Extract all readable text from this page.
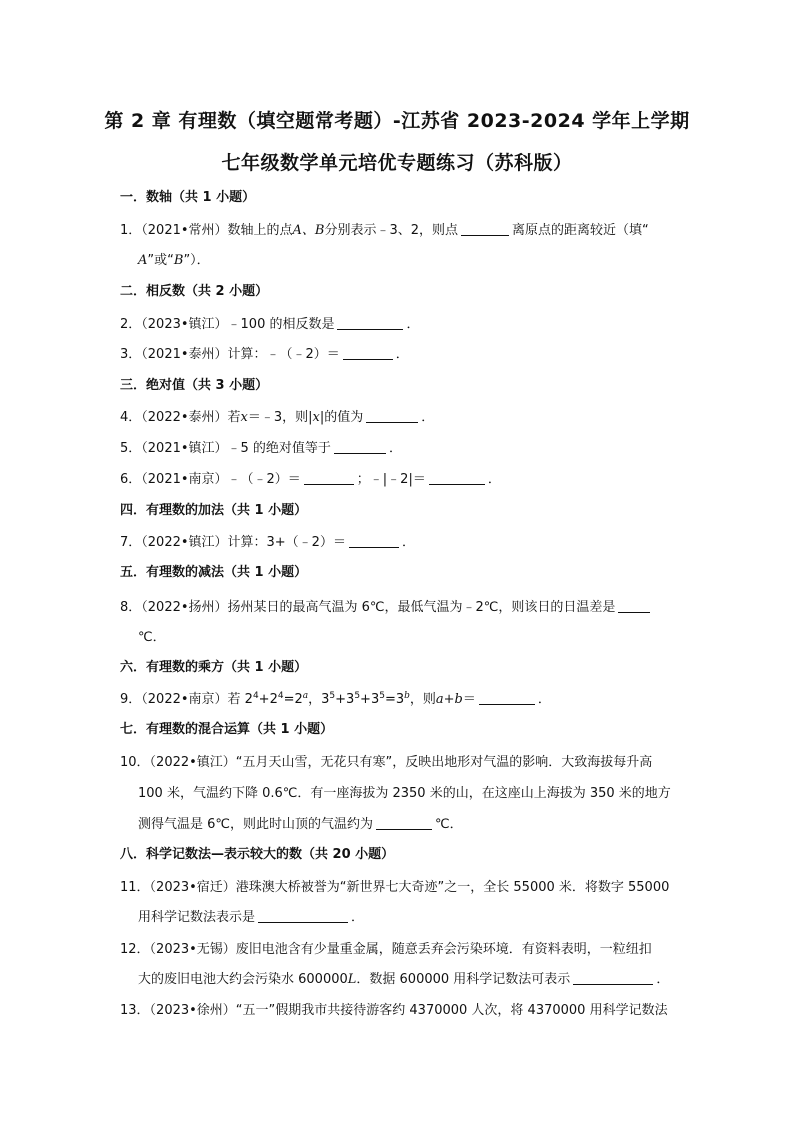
第 2 章 有理数（填空题常考题）-江苏省 2023-2024 学年上学期
七年级数学单元培优专题练习（苏科版）
一．数轴（共 1 小题）
1．（2021•常州）数轴上的点A、B分别表示﹣3、2，则点	离原点的距离较近（填“
A”或“B”）．
二．相反数（共 2 小题）
2．（2023•镇江）﹣100 的相反数是	．
3．（2021•泰州）计算：﹣（﹣2）＝	．
三．绝对值（共 3 小题）
4．（2022•泰州）若x＝﹣3，则|x|的值为	．
5．（2021•镇江）﹣5 的绝对值等于	．
6．（2021•南京）﹣（﹣2）＝	；﹣|﹣2|＝	．
四．有理数的加法（共 1 小题）
7．（2022•镇江）计算：3+（﹣2）＝	．
五．有理数的减法（共 1 小题）
8．（2022•扬州）扬州某日的最高气温为 6℃，最低气温为﹣2℃，则该日的日温差是
℃．
六．有理数的乘方（共 1 小题）
9．（2022•南京）若 $2^4+2^4=2^a$，$3^5+3^5+3^5=3^b$，则a+b＝	．
七．有理数的混合运算（共 1 小题）
10．（2022•镇江）“五月天山雪，无花只有寒”，反映出地形对气温的影响．大致海拔每升高
100 米，气温约下降 0.6℃．有一座海拔为 2350 米的山，在这座山上海拔为 350 米的地方
测得气温是 6℃，则此时山顶的气温约为	℃．
八．科学记数法—表示较大的数（共 20 小题）
11．（2023•宿迁）港珠澳大桥被誉为“新世界七大奇迹”之一，全长 55000 米．将数字 55000
用科学记数法表示是	．
12．（2023•无锡）废旧电池含有少量重金属，随意丢弃会污染环境．有资料表明，一粒纽扣
大的废旧电池大约会污染水 600000L．数据 600000 用科学记数法可表示	．
13．（2023•徐州）“五一”假期我市共接待游客约 4370000 人次，将 4370000 用科学记数法
